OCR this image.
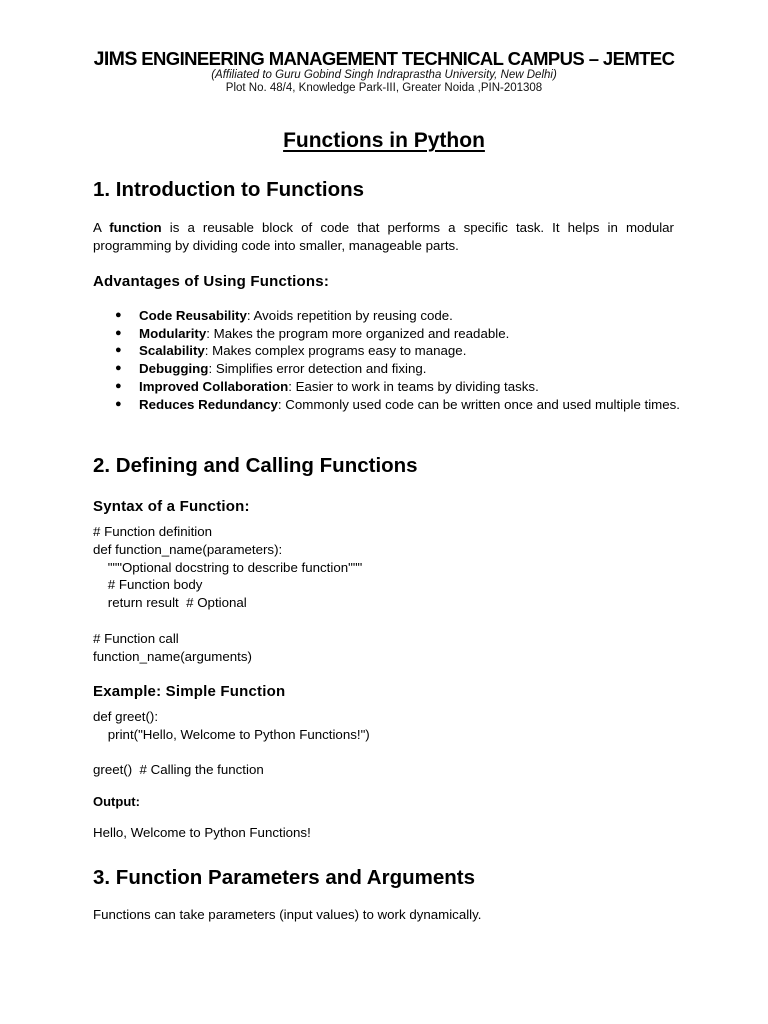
JIMS ENGINEERING MANAGEMENT TECHNICAL CAMPUS – JEMTEC
(Affiliated to Guru Gobind Singh Indraprastha University, New Delhi)
Plot No. 48/4, Knowledge Park-III, Greater Noida ,PIN-201308
Functions in Python
1. Introduction to Functions
A function is a reusable block of code that performs a specific task. It helps in modular programming by dividing code into smaller, manageable parts.
Advantages of Using Functions:
● Code Reusability: Avoids repetition by reusing code.
● Modularity: Makes the program more organized and readable.
● Scalability: Makes complex programs easy to manage.
● Debugging: Simplifies error detection and fixing.
● Improved Collaboration: Easier to work in teams by dividing tasks.
● Reduces Redundancy: Commonly used code can be written once and used multiple times.
2. Defining and Calling Functions
Syntax of a Function:
# Function definition
def function_name(parameters):
"""Optional docstring to describe function"""
# Function body
return result  # Optional
# Function call
function_name(arguments)
Example: Simple Function
def greet():
print("Hello, Welcome to Python Functions!")
greet()  # Calling the function
Output:
Hello, Welcome to Python Functions!
3. Function Parameters and Arguments
Functions can take parameters (input values) to work dynamically.
